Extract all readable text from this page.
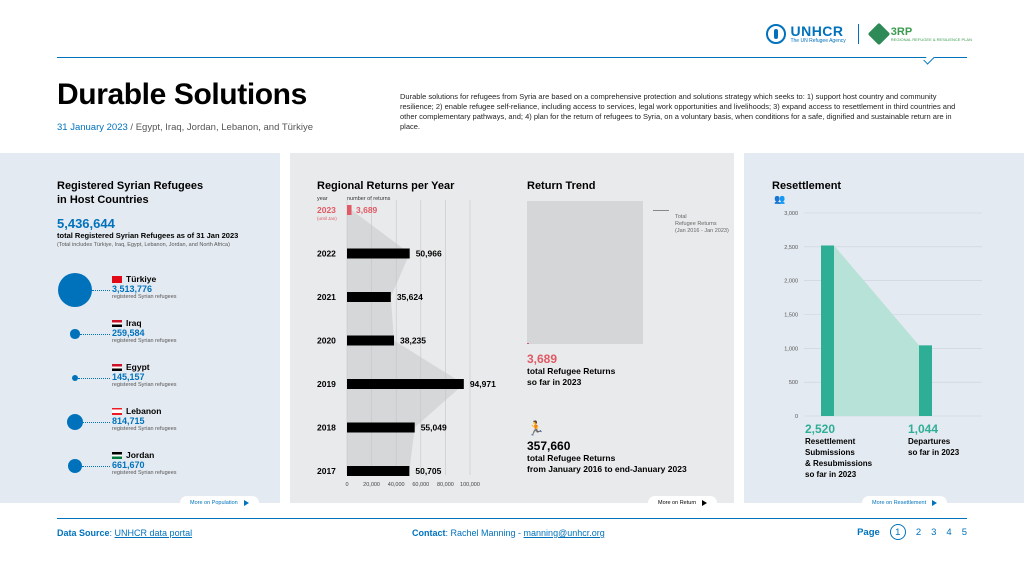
UNHCR
The UN Refugee Agency
3RP
REGIONAL REFUGEE & RESILIENCE PLAN
Durable Solutions
31 January 2023 / Egypt, Iraq, Jordan, Lebanon, and Türkiye

Durable solutions for refugees from Syria are based on a comprehensive protection and solutions strategy which seeks to: 1) support host country and community resilience; 2) enable refugee self-reliance, including access to services, legal work opportunities and livelihoods; 3) expand access to resettlement in third countries and other complementary pathways, and; 4) plan for the return of refugees to Syria, on a voluntary basis, when conditions for a safe, dignified and sustainable return are in place.

Registered Syrian Refugees
in Host Countries
5,436,644
total Registered Syrian Refugees as of 31 Jan 2023
(Total includes Türkiye, Iraq, Egypt, Lebanon, Jordan, and North Africa)
Türkiye
3,513,776
registered Syrian refugees
Iraq
259,584
registered Syrian refugees
Egypt
145,157
registered Syrian refugees
Lebanon
814,715
registered Syrian refugees
Jordan
661,670
registered Syrian refugees
More on Population
Regional Returns per Year
year	number of returns
0	20,000 40,000 60,000 80,000 100,000
2023 3,689
(until Jan)
2022	50,966
2021	35,624
2020	38,235
2019	94,971
2018	55,049
2017	50,705
More on Return
Return Trend
Total
Refugee Returns
(Jan 2016 - Jan 2023)
3,689
total Refugee Returns
so far in 2023
🏃
357,660
total Refugee Returns
from January 2016 to end-January 2023
Resettlement
👥
3,000
2,500
2,000
1,500
1,000
500
0
2,520
Resettlement
Submissions
& Resubmissions
so far in 2023
1,044
Departures
so far in 2023
More on Resettlement
Data Source: UNHCR data portal	Contact: Rachel Manning - manning@unhcr.org	Page	1	2 3 4 5
